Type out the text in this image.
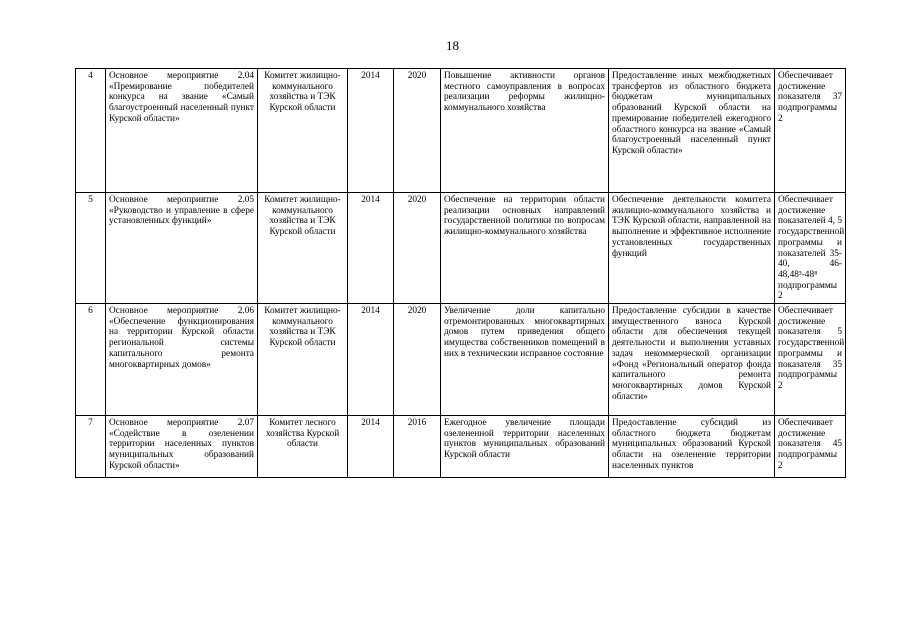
18
4	Основное мероприятие 2.04 «Премирование победителей конкурса на звание «Самый благоустроенный населенный пункт Курской области»	Комитет жилищно-коммунального хозяйства и ТЭК Курской области	2014	2020	Повышение активности органов местного самоуправления в вопросах реализации реформы жилищно-коммунального хозяйства	Предоставление иных межбюджетных трансфертов из областного бюджета бюджетам муниципальных образований Курской области на премирование победителей ежегодного областного конкурса на звание «Самый благоустроенный населенный пункт Курской области»	Обеспечивает достижение показателя 37 подпрограммы 2
5	Основное мероприятие 2.05 «Руководство и управление в сфере установленных функций»	Комитет жилищно-коммунального хозяйства и ТЭК Курской области	2014	2020	Обеспечение на территории области реализации основных направлений государственной политики по вопросам жилищно-коммунального хозяйства	Обеспечение деятельности комитета жилищно-коммунального хозяйства и ТЭК Курской области, направленной на выполнение и эффективное исполнение установленных государственных функций	Обеспечивает достижение показателей 4, 5 государственной программы и показателей 35-40, 46-48,48³-48⁸ подпрограммы 2
6	Основное мероприятие 2.06 «Обеспечение функционирования на территории Курской области региональной системы капитального ремонта многоквартирных домов»	Комитет жилищно-коммунального хозяйства и ТЭК Курской области	2014	2020	Увеличение доли капитально отремонтированных многоквартирных домов путем приведения общего имущества собственников помещений в них в техническии исправное состояние	Предоставление субсидии в качестве имущественного взноса Курской области для обеспечения текущей деятельности и выполнения уставных задач некоммерческой организации «Фонд «Региональный оператор фонда капитального ремонта многоквартирных домов Курской области»	Обеспечивает достижение показателя 5 государственной программы и показателя 35 подпрограммы 2
7	Основное мероприятие 2.07 «Содействие в озеленении территории населенных пунктов муниципальных образований Курской области»	Комитет лесного хозяйства Курской области	2014	2016	Ежегодное увеличение площади озелененной территории населенных пунктов муниципальных образований Курской области	Предоставление субсидий из областного бюджета бюджетам муниципальных образований Курской области на озеленение территории населенных пунктов	Обеспечивает достижение показателя 45 подпрограммы 2
